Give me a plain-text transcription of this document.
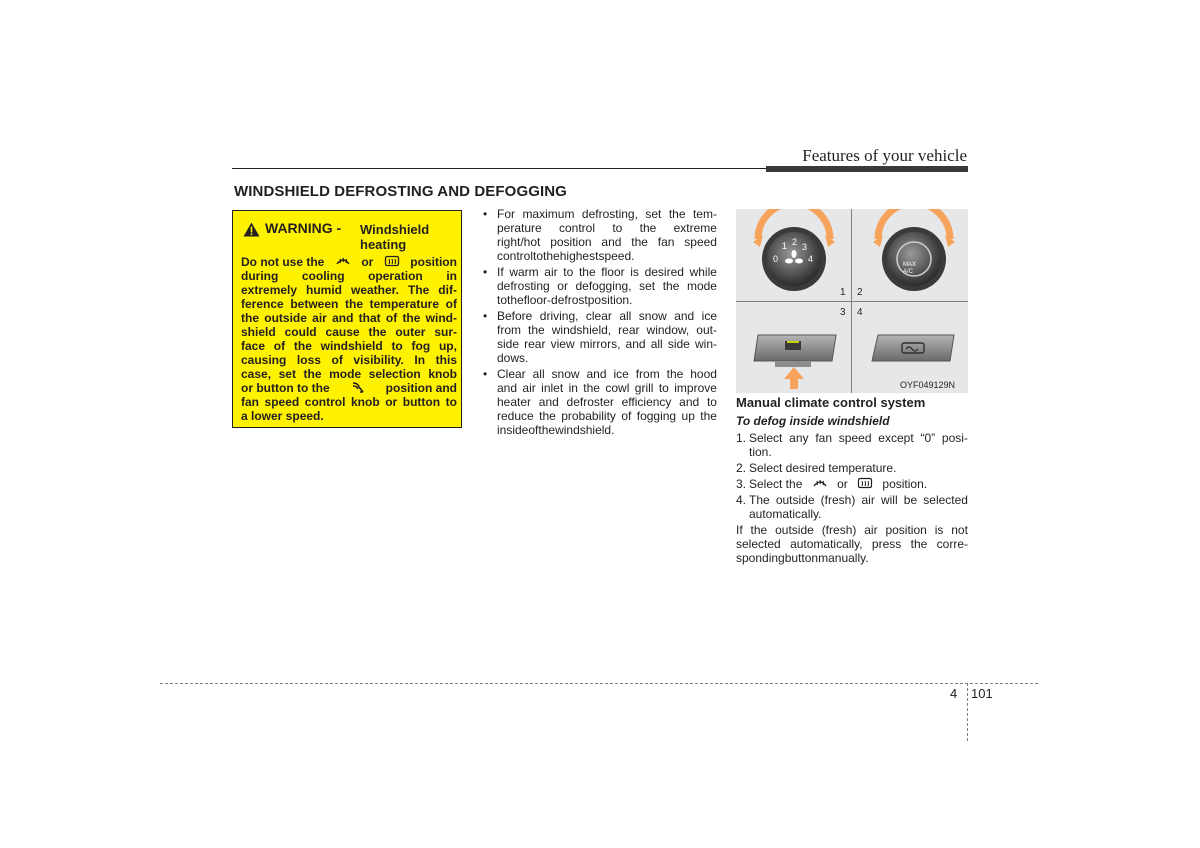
Features of your vehicle
WINDSHIELD DEFROSTING AND DEFOGGING
WARNING - Windshield
heating
Do not use the	or	position
during cooling operation in
extremely humid weather. The dif-
ference between the temperature of
the outside air and that of the wind-
shield could cause the outer sur-
face of the windshield to fog up,
causing loss of visibility. In this
case, set the mode selection knob
or button to the	position and
fan speed control knob or button to
a lower speed.
• For maximum defrosting, set the tem-
perature control to the extreme
right/hot position and the fan speed
control to the highest speed.
• If warm air to the floor is desired while
defrosting or defogging, set the mode
to the floor-defrost position.
• Before driving, clear all snow and ice
from the windshield, rear window, out-
side rear view mirrors, and all side win-
dows.
• Clear all snow and ice from the hood
and air inlet in the cowl grill to improve
heater and defroster efficiency and to
reduce the probability of fogging up the
inside of the windshield.
1 2 3
0	4
MAX
A/C
1 2
3 4
OYF049129N
Manual climate control system
To defog inside windshield
1. Select any fan speed except “0” posi-
tion.
2. Select desired temperature.
3. Select the	or	position.
4. The outside (fresh) air will be selected
automatically.
If the outside (fresh) air position is not
selected automatically, press the corre-
sponding button manually.
4 101
